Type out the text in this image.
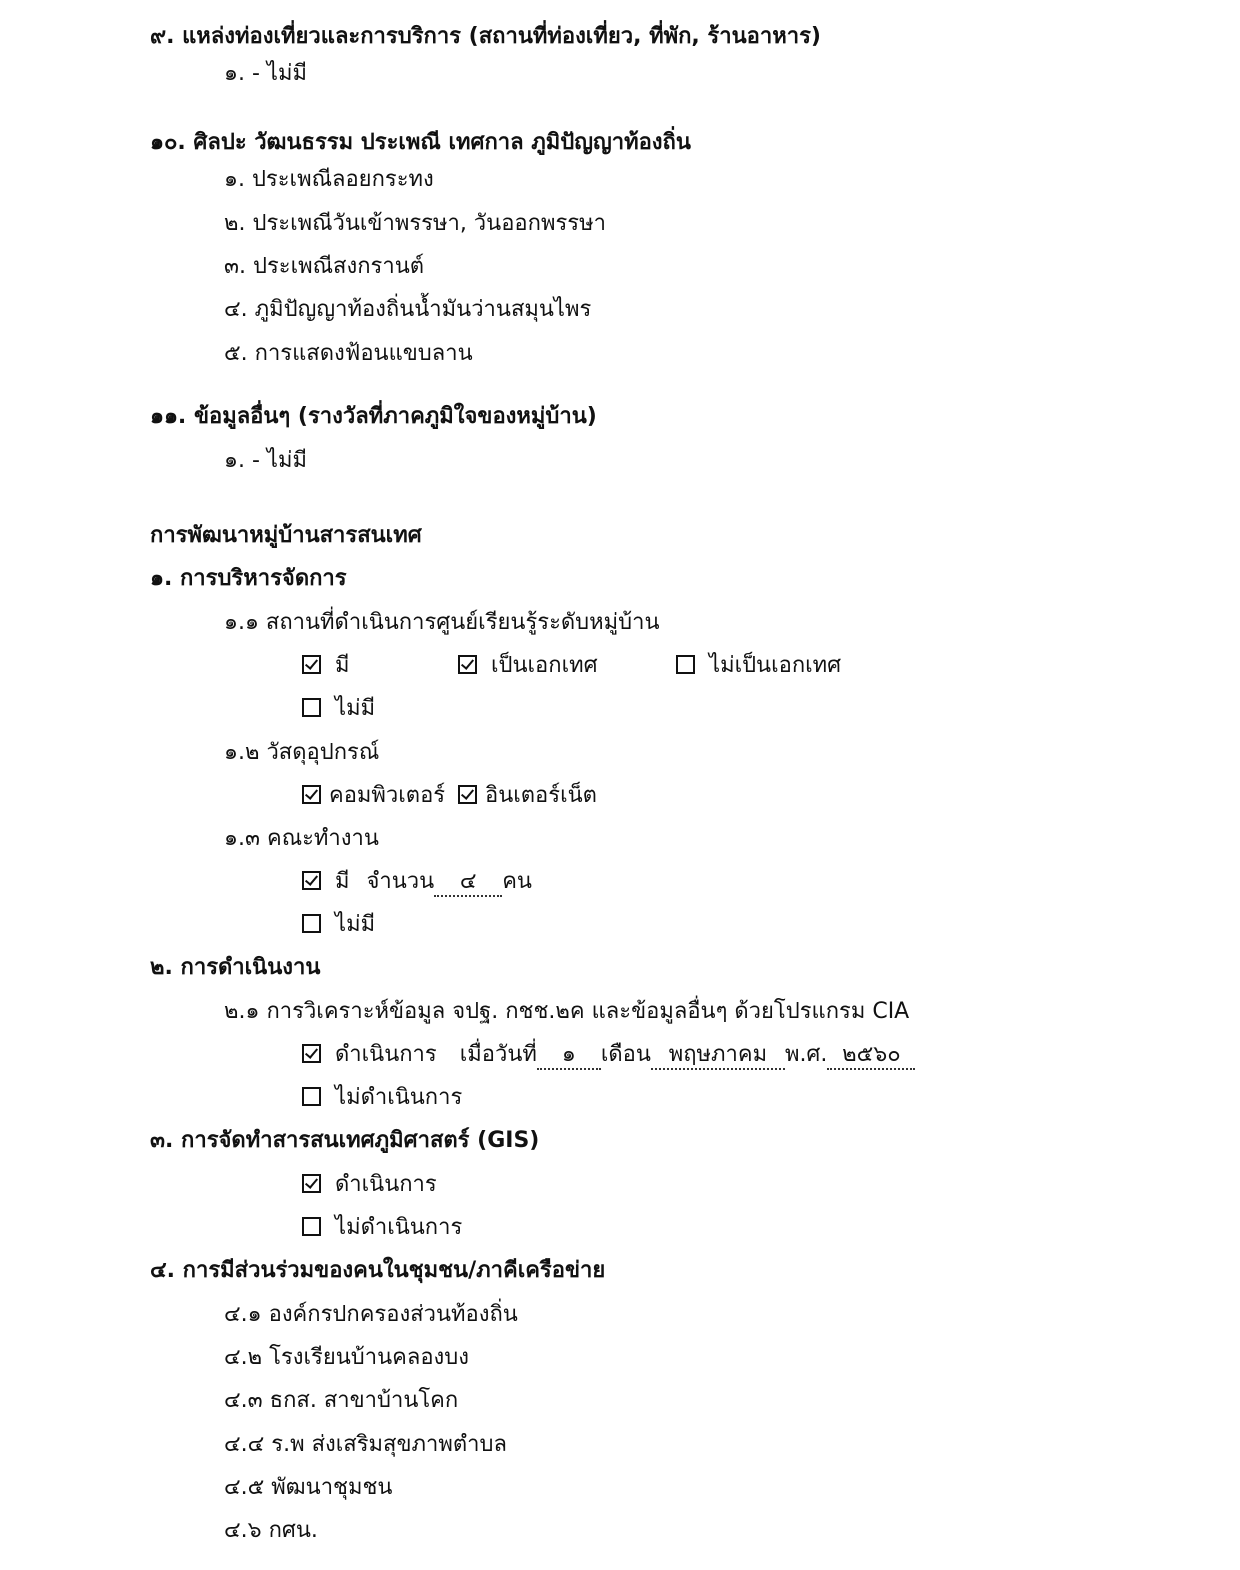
๙. แหล่งท่องเที่ยวและการบริการ (สถานที่ท่องเที่ยว, ที่พัก, ร้านอาหาร)
๑. - ไม่มี
๑๐. ศิลปะ วัฒนธรรม ประเพณี เทศกาล ภูมิปัญญาท้องถิ่น
๑. ประเพณีลอยกระทง
๒. ประเพณีวันเข้าพรรษา, วันออกพรรษา
๓. ประเพณีสงกรานต์
๔. ภูมิปัญญาท้องถิ่นน้ำมันว่านสมุนไพร
๕. การแสดงฟ้อนแขบลาน
๑๑. ข้อมูลอื่นๆ (รางวัลที่ภาคภูมิใจของหมู่บ้าน)
๑. - ไม่มี
การพัฒนาหมู่บ้านสารสนเทศ
๑. การบริหารจัดการ
๑.๑ สถานที่ดำเนินการศูนย์เรียนรู้ระดับหมู่บ้าน
มี	เป็นเอกเทศ	ไม่เป็นเอกเทศ
ไม่มี
๑.๒ วัสดุอุปกรณ์
คอมพิวเตอร์	อินเตอร์เน็ต
๑.๓ คณะทำงาน
มี จำนวน ๔ คน
ไม่มี
๒. การดำเนินงาน
๒.๑ การวิเคราะห์ข้อมูล จปฐ. กชช.๒ค และข้อมูลอื่นๆ ด้วยโปรแกรม CIA
ดำเนินการ เมื่อวันที่ ๑ เดือน พฤษภาคม พ.ศ. ๒๕๖๐
ไม่ดำเนินการ
๓. การจัดทำสารสนเทศภูมิศาสตร์ (GIS)
ดำเนินการ
ไม่ดำเนินการ
๔. การมีส่วนร่วมของคนในชุมชน/ภาคีเครือข่าย
๔.๑ องค์กรปกครองส่วนท้องถิ่น
๔.๒ โรงเรียนบ้านคลองบง
๔.๓ ธกส. สาขาบ้านโคก
๔.๔ ร.พ ส่งเสริมสุขภาพตำบล
๔.๕ พัฒนาชุมชน
๔.๖ กศน.
